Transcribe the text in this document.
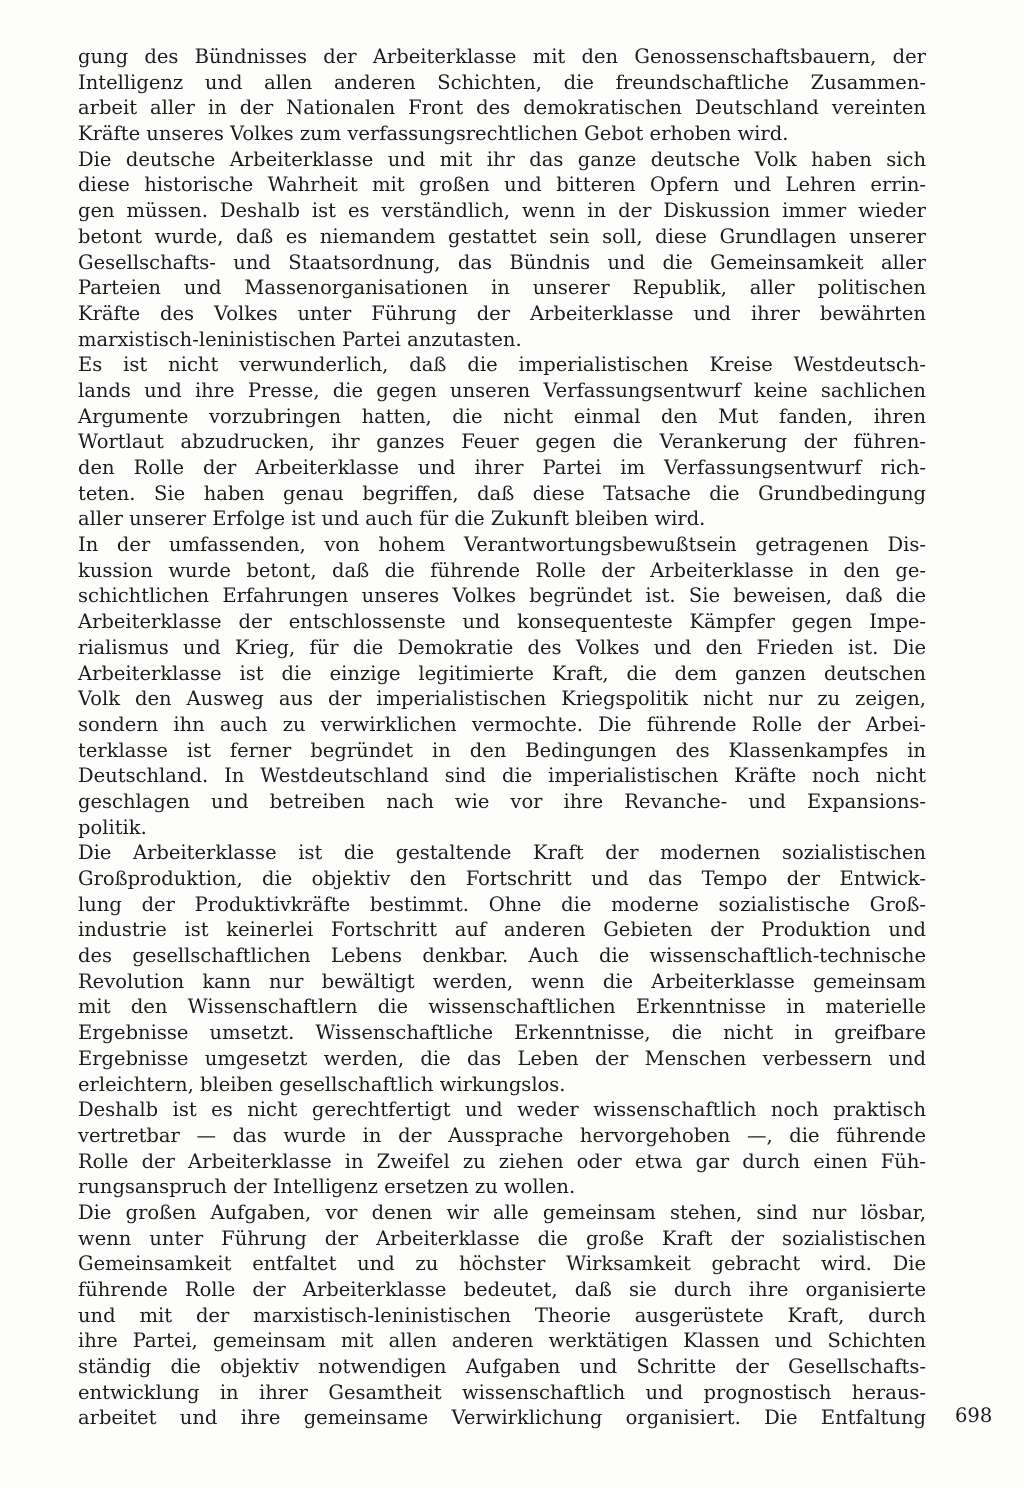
gung des Bündnisses der Arbeiterklasse mit den Genossenschaftsbauern, der
Intelligenz und allen anderen Schichten, die freundschaftliche Zusammen-
arbeit aller in der Nationalen Front des demokratischen Deutschland vereinten
Kräfte unseres Volkes zum verfassungsrechtlichen Gebot erhoben wird.
Die deutsche Arbeiterklasse und mit ihr das ganze deutsche Volk haben sich
diese historische Wahrheit mit großen und bitteren Opfern und Lehren errin-
gen müssen. Deshalb ist es verständlich, wenn in der Diskussion immer wieder
betont wurde, daß es niemandem gestattet sein soll, diese Grundlagen unserer
Gesellschafts- und Staatsordnung, das Bündnis und die Gemeinsamkeit aller
Parteien und Massenorganisationen in unserer Republik, aller politischen
Kräfte des Volkes unter Führung der Arbeiterklasse und ihrer bewährten
marxistisch-leninistischen Partei anzutasten.
Es ist nicht verwunderlich, daß die imperialistischen Kreise Westdeutsch-
lands und ihre Presse, die gegen unseren Verfassungsentwurf keine sachlichen
Argumente vorzubringen hatten, die nicht einmal den Mut fanden, ihren
Wortlaut abzudrucken, ihr ganzes Feuer gegen die Verankerung der führen-
den Rolle der Arbeiterklasse und ihrer Partei im Verfassungsentwurf rich-
teten. Sie haben genau begriffen, daß diese Tatsache die Grundbedingung
aller unserer Erfolge ist und auch für die Zukunft bleiben wird.
In der umfassenden, von hohem Verantwortungsbewußtsein getragenen Dis-
kussion wurde betont, daß die führende Rolle der Arbeiterklasse in den ge-
schichtlichen Erfahrungen unseres Volkes begründet ist. Sie beweisen, daß die
Arbeiterklasse der entschlossenste und konsequenteste Kämpfer gegen Impe-
rialismus und Krieg, für die Demokratie des Volkes und den Frieden ist. Die
Arbeiterklasse ist die einzige legitimierte Kraft, die dem ganzen deutschen
Volk den Ausweg aus der imperialistischen Kriegspolitik nicht nur zu zeigen,
sondern ihn auch zu verwirklichen vermochte. Die führende Rolle der Arbei-
terklasse ist ferner begründet in den Bedingungen des Klassenkampfes in
Deutschland. In Westdeutschland sind die imperialistischen Kräfte noch nicht
geschlagen und betreiben nach wie vor ihre Revanche- und Expansions-
politik.
Die Arbeiterklasse ist die gestaltende Kraft der modernen sozialistischen
Großproduktion, die objektiv den Fortschritt und das Tempo der Entwick-
lung der Produktivkräfte bestimmt. Ohne die moderne sozialistische Groß-
industrie ist keinerlei Fortschritt auf anderen Gebieten der Produktion und
des gesellschaftlichen Lebens denkbar. Auch die wissenschaftlich-technische
Revolution kann nur bewältigt werden, wenn die Arbeiterklasse gemeinsam
mit den Wissenschaftlern die wissenschaftlichen Erkenntnisse in materielle
Ergebnisse umsetzt. Wissenschaftliche Erkenntnisse, die nicht in greifbare
Ergebnisse umgesetzt werden, die das Leben der Menschen verbessern und
erleichtern, bleiben gesellschaftlich wirkungslos.
Deshalb ist es nicht gerechtfertigt und weder wissenschaftlich noch praktisch
vertretbar — das wurde in der Aussprache hervorgehoben —, die führende
Rolle der Arbeiterklasse in Zweifel zu ziehen oder etwa gar durch einen Füh-
rungsanspruch der Intelligenz ersetzen zu wollen.
Die großen Aufgaben, vor denen wir alle gemeinsam stehen, sind nur lösbar,
wenn unter Führung der Arbeiterklasse die große Kraft der sozialistischen
Gemeinsamkeit entfaltet und zu höchster Wirksamkeit gebracht wird. Die
führende Rolle der Arbeiterklasse bedeutet, daß sie durch ihre organisierte
und mit der marxistisch-leninistischen Theorie ausgerüstete Kraft, durch
ihre Partei, gemeinsam mit allen anderen werktätigen Klassen und Schichten
ständig die objektiv notwendigen Aufgaben und Schritte der Gesellschafts-
entwicklung in ihrer Gesamtheit wissenschaftlich und prognostisch heraus-
arbeitet und ihre gemeinsame Verwirklichung organisiert. Die Entfaltung 698
